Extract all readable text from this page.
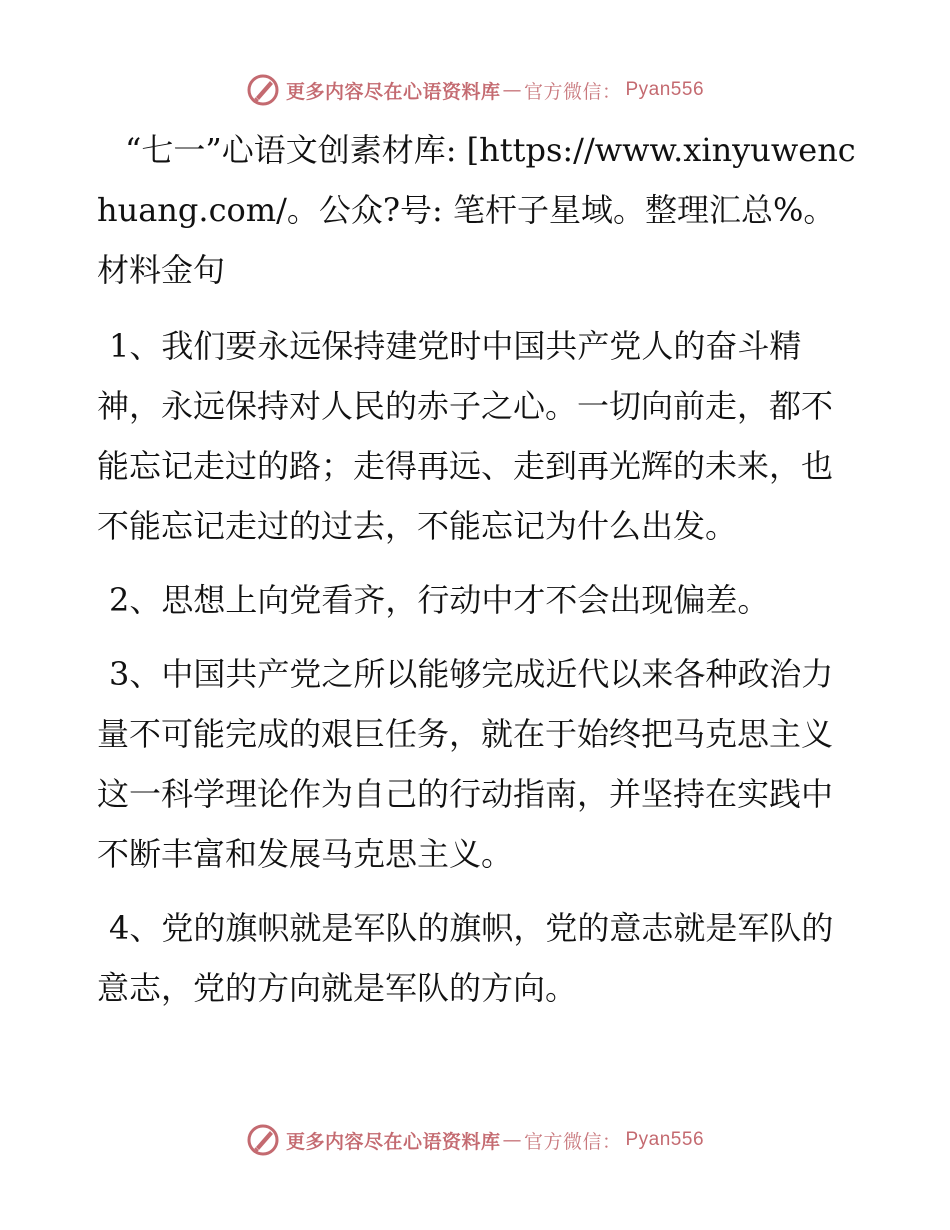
更多内容尽在心语资料库 — 官方微信： Pyan556

“七一”心语文创素材库: [https://www.xinyuwenchuang.com/。公众?号: 笔杆子星域。整理汇总%。材料金句

1、我们要永远保持建党时中国共产党人的奋斗精神，永远保持对人民的赤子之心。一切向前走，都不能忘记走过的路；走得再远、走到再光辉的未来，也不能忘记走过的过去，不能忘记为什么出发。

2、思想上向党看齐，行动中才不会出现偏差。

3、中国共产党之所以能够完成近代以来各种政治力量不可能完成的艰巨任务，就在于始终把马克思主义这一科学理论作为自己的行动指南，并坚持在实践中不断丰富和发展马克思主义。

4、党的旗帜就是军队的旗帜，党的意志就是军队的意志，党的方向就是军队的方向。

更多内容尽在心语资料库 — 官方微信： Pyan556
